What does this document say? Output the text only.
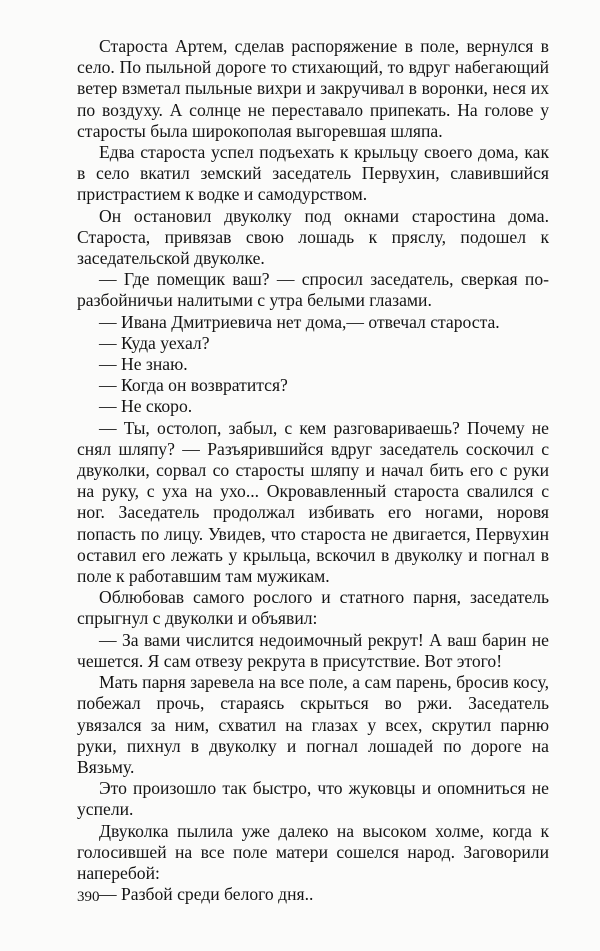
Староста Артем, сделав распоряжение в поле, вернулся в село. По пыльной дороге то стихающий, то вдруг набегающий ветер взметал пыльные вихри и закручивал в воронки, неся их по воздуху. А солнце не переставало припекать. На голове у старосты была широкополая выгоревшая шляпа.

Едва староста успел подъехать к крыльцу своего дома, как в село вкатил земский заседатель Первухин, славившийся пристрастием к водке и самодурством.

Он остановил двуколку под окнами старостина дома. Староста, привязав свою лошадь к пряслу, подошел к заседательской двуколке.

— Где помещик ваш? — спросил заседатель, сверкая по-разбойничьи налитыми с утра белыми глазами.

— Ивана Дмитриевича нет дома,— отвечал староста.

— Куда уехал?

— Не знаю.

— Когда он возвратится?

— Не скоро.

— Ты, остолоп, забыл, с кем разговариваешь? Почему не снял шляпу? — Разъярившийся вдруг заседатель соскочил с двуколки, сорвал со старосты шляпу и начал бить его с руки на руку, с уха на ухо... Окровавленный староста свалился с ног. Заседатель продолжал избивать его ногами, норовя попасть по лицу. Увидев, что староста не двигается, Первухин оставил его лежать у крыльца, вскочил в двуколку и погнал в поле к работавшим там мужикам.

Облюбовав самого рослого и статного парня, заседатель спрыгнул с двуколки и объявил:

— За вами числится недоимочный рекрут! А ваш барин не чешется. Я сам отвезу рекрута в присутствие. Вот этого!

Мать парня заревела на все поле, а сам парень, бросив косу, побежал прочь, стараясь скрыться во ржи. Заседатель увязался за ним, схватил на глазах у всех, скрутил парню руки, пихнул в двуколку и погнал лошадей по дороге на Вязьму.

Это произошло так быстро, что жуковцы и опомниться не успели.

Двуколка пылила уже далеко на высоком холме, когда к голосившей на все поле матери сошелся народ. Заговорили наперебой:

— Разбой среди белого дня..

390
